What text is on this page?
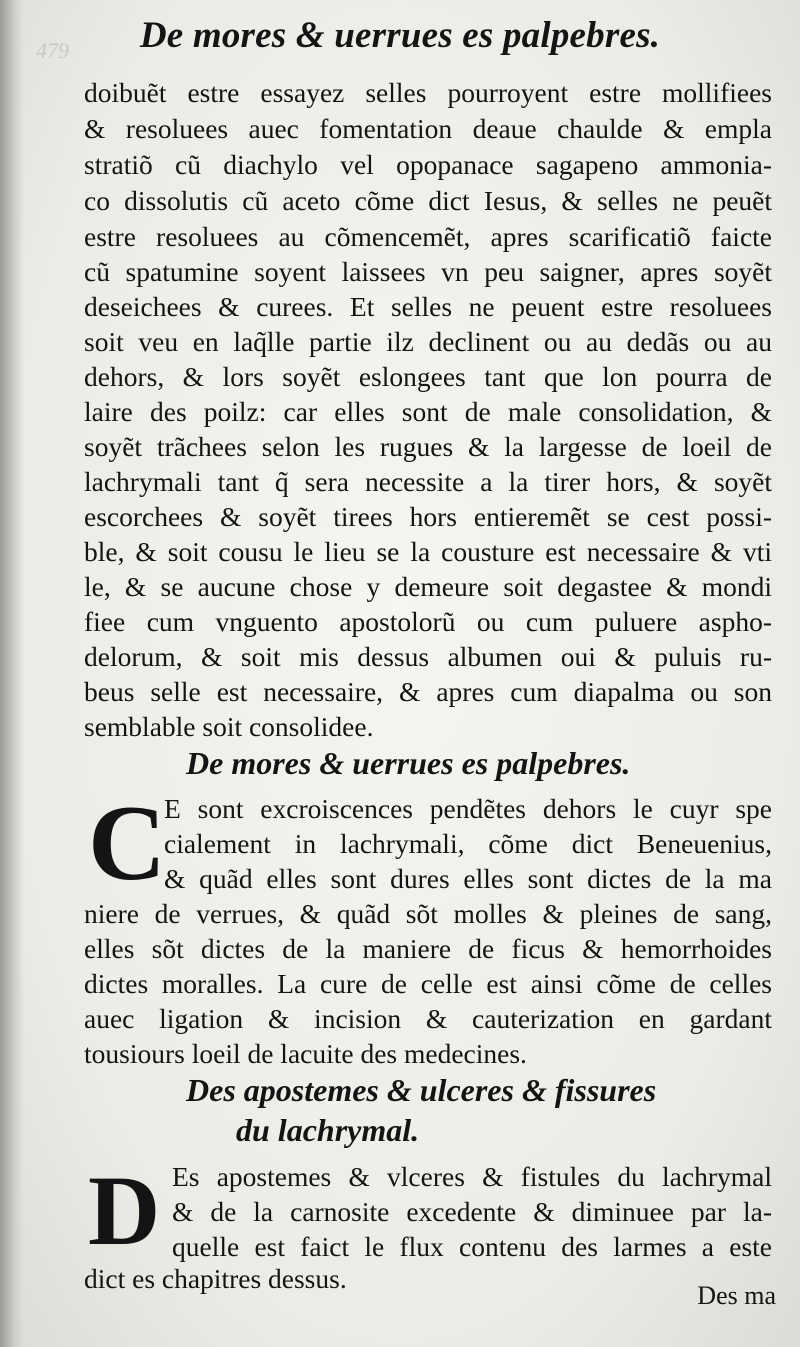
479	De mores & uerrues es palpebres.
doibuẽt estre essayez selles pourroyent estre mollifiees
& resoluees auec fomentation deaue chaulde & empla
stratiõ cũ diachylo vel opopanace sagapeno ammonia-
co dissolutis cũ aceto cõme dict Iesus, & selles ne peuẽt
estre resoluees au cõmencemẽt, apres scarificatiõ faicte
cũ spatumine soyent laissees vn peu saigner, apres soyẽt
deseichees & curees. Et selles ne peuent estre resoluees
soit veu en laq̃lle partie ilz declinent ou au dedãs ou au
dehors, & lors soyẽt eslongees tant que lon pourra de
laire des poilz: car elles sont de male consolidation, &
soyẽt trãchees selon les rugues & la largesse de loeil de
lachrymali tant q̃ sera necessite a la tirer hors, & soyẽt
escorchees & soyẽt tirees hors entieremẽt se cest possi-
ble, & soit cousu le lieu se la cousture est necessaire & vti
le, & se aucune chose y demeure soit degastee & mondi
fiee cum vnguento apostolorũ ou cum puluere aspho-
delorum, & soit mis dessus albumen oui & puluis ru-
beus selle est necessaire, & apres cum diapalma ou son
semblable soit consolidee.
De mores & uerrues es palpebres.
C
E sont excroiscences pendẽtes dehors le cuyr spe
cialement in lachrymali, cõme dict Beneuenius,
& quãd elles sont dures elles sont dictes de la ma
niere de verrues, & quãd sõt molles & pleines de sang,
elles sõt dictes de la maniere de ficus & hemorrhoides
dictes moralles. La cure de celle est ainsi cõme de celles
auec ligation & incision & cauterization en gardant
tousiours loeil de lacuite des medecines.
Des apostemes & ulceres & fissures
du lachrymal.
D Es apostemes & vlceres & fistules du lachrymal
& de la carnosite excedente & diminuee par la-
quelle est faict le flux contenu des larmes a este
dict es chapitres dessus.
Des ma
